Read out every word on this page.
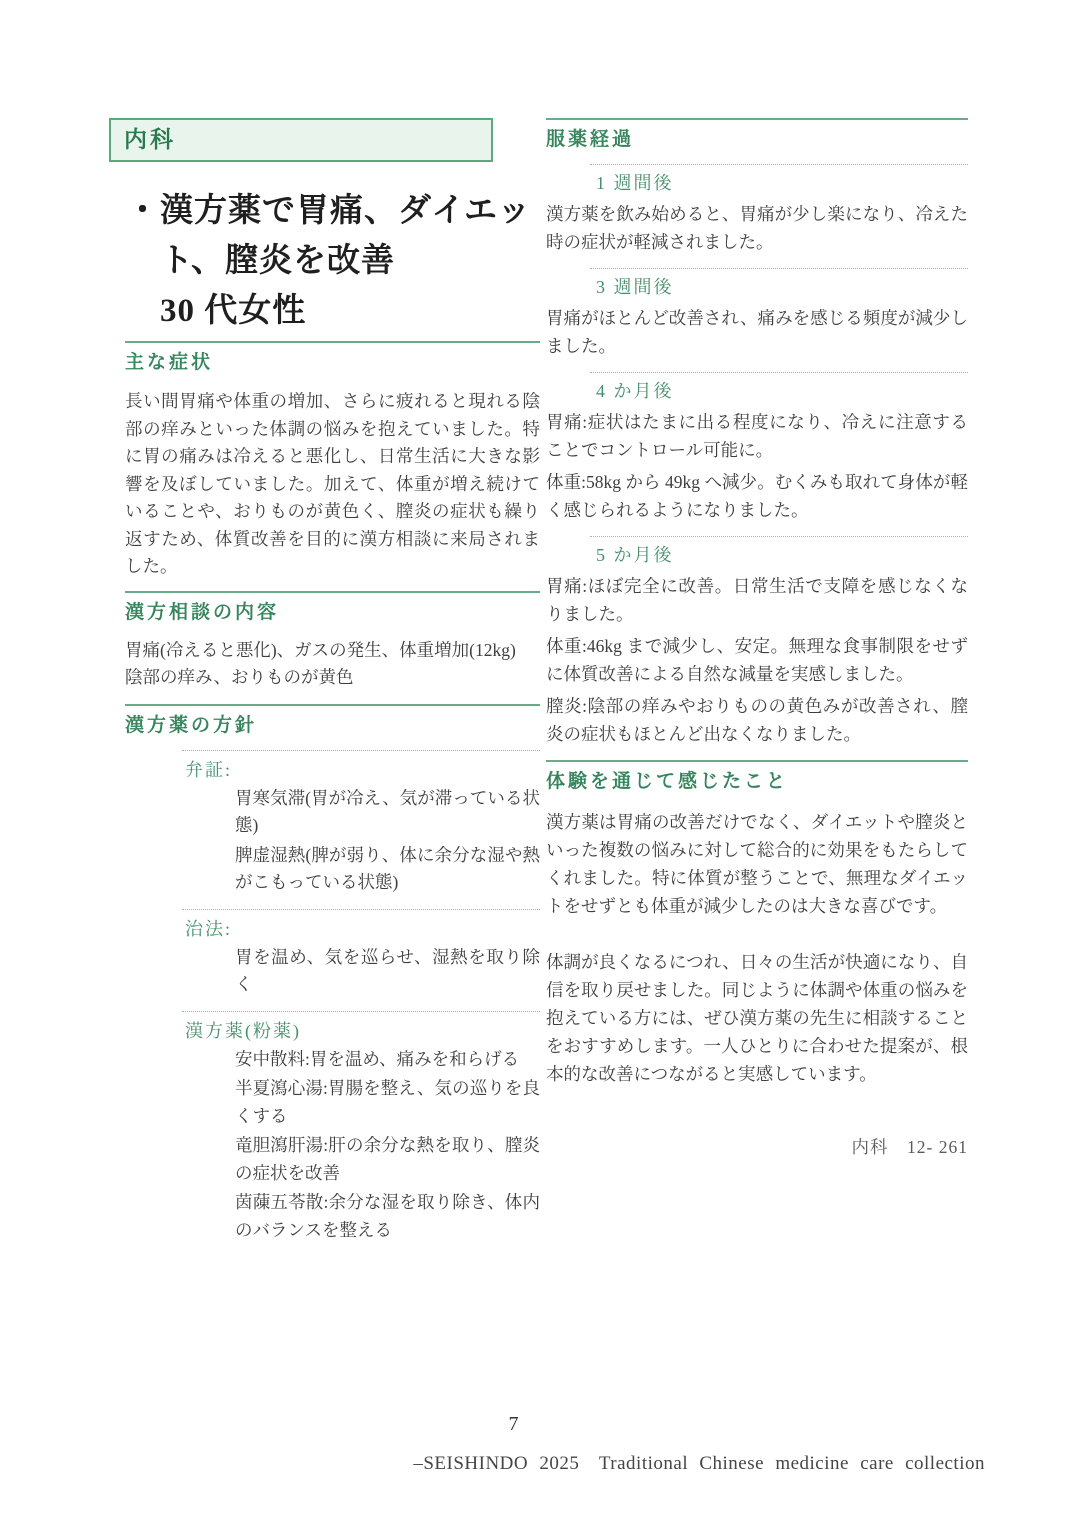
内科
・ 漢方薬で胃痛、ダイエット、膣炎を改善
30 代女性
主な症状

長い間胃痛や体重の増加、さらに疲れると現れる陰部の痒みといった体調の悩みを抱えていました。特に胃の痛みは冷えると悪化し、日常生活に大きな影響を及ぼしていました。加えて、体重が増え続けていることや、おりものが黄色く、膣炎の症状も繰り返すため、体質改善を目的に漢方相談に来局されました。

漢方相談の内容

胃痛(冷えると悪化)、ガスの発生、体重増加(12kg)

陰部の痒み、おりものが黄色

漢方薬の方針
弁証:

胃寒気滞(胃が冷え、気が滞っている状態)

脾虚湿熱(脾が弱り、体に余分な湿や熱がこもっている状態)

治法:

胃を温め、気を巡らせ、湿熱を取り除く

漢方薬(粉薬)

安中散料:胃を温め、痛みを和らげる

半夏瀉心湯:胃腸を整え、気の巡りを良くする

竜胆瀉肝湯:肝の余分な熱を取り、膣炎の症状を改善

茵蔯五苓散:余分な湿を取り除き、体内のバランスを整える

服薬経過
1 週間後

漢方薬を飲み始めると、胃痛が少し楽になり、冷えた時の症状が軽減されました。

3 週間後

胃痛がほとんど改善され、痛みを感じる頻度が減少しました。

4 か月後

胃痛:症状はたまに出る程度になり、冷えに注意することでコントロール可能に。

体重:58kg から 49kg へ減少。むくみも取れて身体が軽く感じられるようになりました。

5 か月後

胃痛:ほぼ完全に改善。日常生活で支障を感じなくなりました。

体重:46kg まで減少し、安定。無理な食事制限をせずに体質改善による自然な減量を実感しました。

膣炎:陰部の痒みやおりものの黄色みが改善され、膣炎の症状もほとんど出なくなりました。

体験を通じて感じたこと

漢方薬は胃痛の改善だけでなく、ダイエットや膣炎といった複数の悩みに対して総合的に効果をもたらしてくれました。特に体質が整うことで、無理なダイエットをせずとも体重が減少したのは大きな喜びです。

体調が良くなるにつれ、日々の生活が快適になり、自信を取り戻せました。同じように体調や体重の悩みを抱えている方には、ぜひ漢方薬の先生に相談することをおすすめします。一人ひとりに合わせた提案が、根本的な改善につながると実感しています。

内科　12- 261
7
–SEISHINDO 2025　Traditional Chinese medicine care collection
